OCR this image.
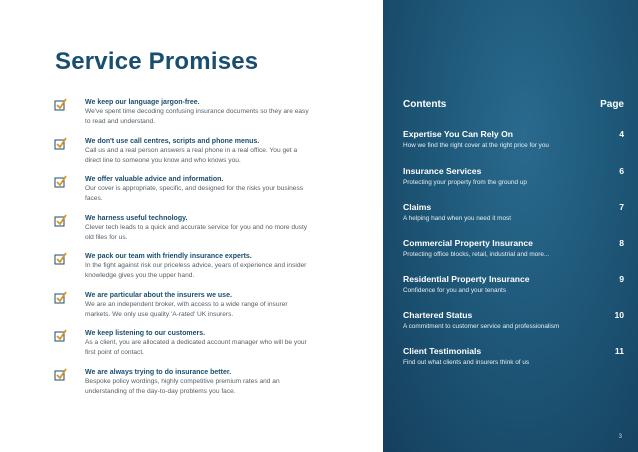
Service Promises
We keep our language jargon-free.
We've spent time decoding confusing insurance documents so they are easy to read and understand.
We don't use call centres, scripts and phone menus.
Call us and a real person answers a real phone in a real office. You get a direct line to someone you know and who knows you.
We offer valuable advice and information.
Our cover is appropriate, specific, and designed for the risks your business faces.
We harness useful technology.
Clever tech leads to a quick and accurate service for you and no more dusty old files for us.
We pack our team with friendly insurance experts.
In the fight against risk our priceless advice, years of experience and insider knowledge gives you the upper hand.
We are particular about the insurers we use.
We are an independent broker, with access to a wide range of insurer markets. We only use quality 'A-rated' UK insurers.
We keep listening to our customers.
As a client, you are allocated a dedicated account manager who will be your first point of contact.
We are always trying to do insurance better.
Bespoke policy wordings, highly competitive premium rates and an understanding of the day-to-day problems you face.
Contents	Page
Expertise You Can Rely On	4
How we find the right cover at the right price for you
Insurance Services	6
Protecting your property from the ground up
Claims	7
A helping hand when you need it most
Commercial Property Insurance	8
Protecting office blocks, retail, industrial and more...
Residential Property Insurance	9
Confidence for you and your tenants
Chartered Status	10
A commitment to customer service and professionalism
Client Testimonials	11
Find out what clients and insurers think of us
3
